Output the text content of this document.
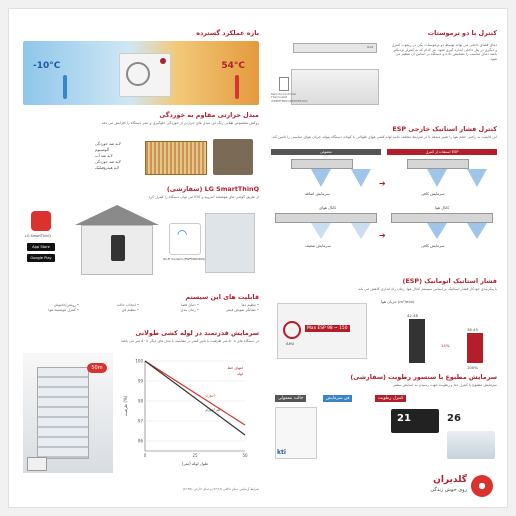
بازه عملکرد گسترده

-10°C	54°C

مبدل حرارتی مقاوم به خوردگی

روکش مخصوص طلایی رنگ این مبدل های حرارتی از خوردگی جلوگیری و عمر دستگاه را افزایش می دهد

لایه ضد خوردگی
آلومینیوم
لایه ضد آب
لایه ضد خوردگی
لایه هیدروفیلیک

LG SmartThinQ (سفارشی)

از طریق گوشی های هوشمند اندروید و iOS می توان دستگاه را کنترل کرد

LG SmartThinQ
App Store
Google Play
◠
Wi-Fi modem (PWFMDD200)

قابلیت های این سیستم

• تنظیم دما
• نشانگر تعویض فیلتر
• دمای فضا
• زمان بندی
• انتخاب حالت
• تنظیم فن
• روشن/خاموش
• کنترل هوشمند هوا

سرمایش قدرتمند در لوله کشی طولانی

در دستگاه های تا ۵۰ متر ظرفیت با تاثیر کمتر در مقایسه با مدل های دیگر تا ۵۰ متر می باشد

50m
96
97
98
99
100
0	25	50
اینورتر
غیر اینورتر
طول لوله (متر)
ظرفیت (%)
انتهای خط
لوله

شرایط آزمایش: دمای داخلی (27°C) و دمای خارجی (35°C)

کنترل با دو ترموستات

Remote Controller Thermostat (PREMTB001/PREMTB100)
Unit	دمای فضای داخلی می تواند توسط دو ترموستات یکی در ریموت کنترل و دیگری در پنل داخلی اندازه گیری شود. هر کدام که به کنترلر نزدیکتر باشد دمای مناسب را تشخیص داده و دستگاه بر اساس آن تنظیم می شود.

کنترل فشار استاتیک خارجی ESP

این قابلیت به راحتی حجم هوا را تغییر میدهد تا در شرایط مختلف مانند لوله کشی هوای طولانی یا کوتاه، دستگاه بتواند جریان هوای مناسبی را تامین کند.

معمولی	استفاده از کنترل ESP
سرمایش اضافه	سرمایش کافی
کانال هوای	کانال هوا
سرمایش ضعیف	سرمایش کافی
➔
➔

فشار استاتیک اتوماتیک (ESP)

با پیکربندی خودکار فشار استاتیک بر اساس سیستم کانال هوا، زمان راه اندازی کاهش می یابد

Max ESP 98 ~ 150
AHU
جریان هوا (m³/min)
42.48
36.45
14%
100%

سرمایش مطبوع با سنسور رطوبت (سفارشی)

سرمایش مطبوع با کنترل دما و رطوبت جهت رسیدن به آسایش بیشتر

حالت معمولی	فن سرمایش	کنترل رطوبت
21	26
kti
گلدیران
روی خوش زندگی
